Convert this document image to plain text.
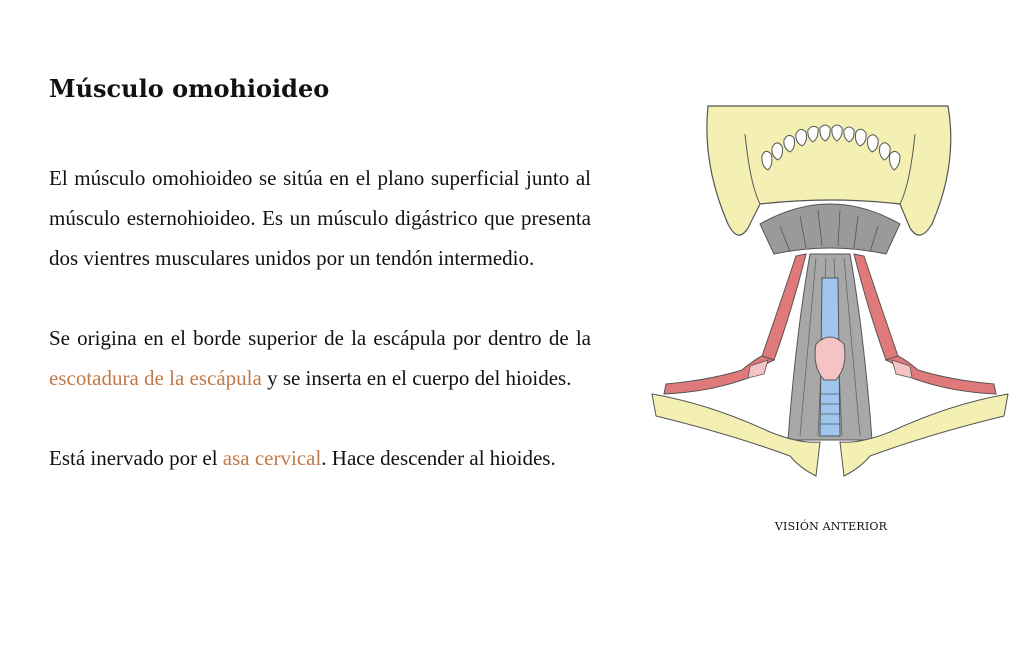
Músculo omohioideo

El músculo omohioideo se sitúa en el plano superficial junto al músculo esternohioideo. Es un músculo digástrico que presenta dos vientres musculares unidos por un tendón intermedio.

Se origina en el borde superior de la escápula por dentro de la escotadura de la escápula y se inserta en el cuerpo del hioides.

Está inervado por el asa cervical. Hace descender al hioides.

VISIÓN ANTERIOR
